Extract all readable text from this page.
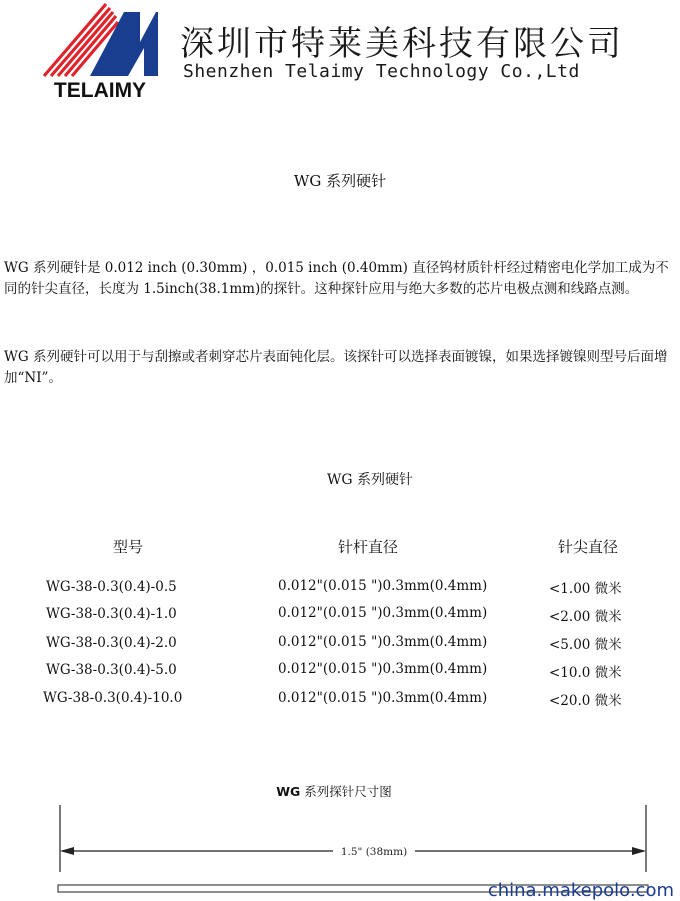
TELAIMY
深圳市特莱美科技有限公司
Shenzhen Telaimy Technology Co.,Ltd
WG 系列硬针
WG 系列硬针是 0.012 inch (0.30mm) ，0.015 inch (0.40mm) 直径钨材质针杆经过精密电化学加工成为不同的针尖直径，长度为 1.5inch(38.1mm)的探针。这种探针应用与绝大多数的芯片电极点测和线路点测。
WG 系列硬针可以用于与刮擦或者刺穿芯片表面钝化层。该探针可以选择表面镀镍，如果选择镀镍则型号后面增加“NI”。
WG 系列硬针
型号	针杆直径	针尖直径
WG-38-0.3(0.4)-0.5	0.012"(0.015 ")0.3mm(0.4mm)	<1.00 微米
WG-38-0.3(0.4)-1.0	0.012"(0.015 ")0.3mm(0.4mm)	<2.00 微米
WG-38-0.3(0.4)-2.0	0.012"(0.015 ")0.3mm(0.4mm)	<5.00 微米
WG-38-0.3(0.4)-5.0	0.012"(0.015 ")0.3mm(0.4mm)	<10.0 微米
WG-38-0.3(0.4)-10.0	0.012"(0.015 ")0.3mm(0.4mm)	<20.0 微米
WG 系列探针尺寸图
1.5" (38mm)
china.makepolo.com
